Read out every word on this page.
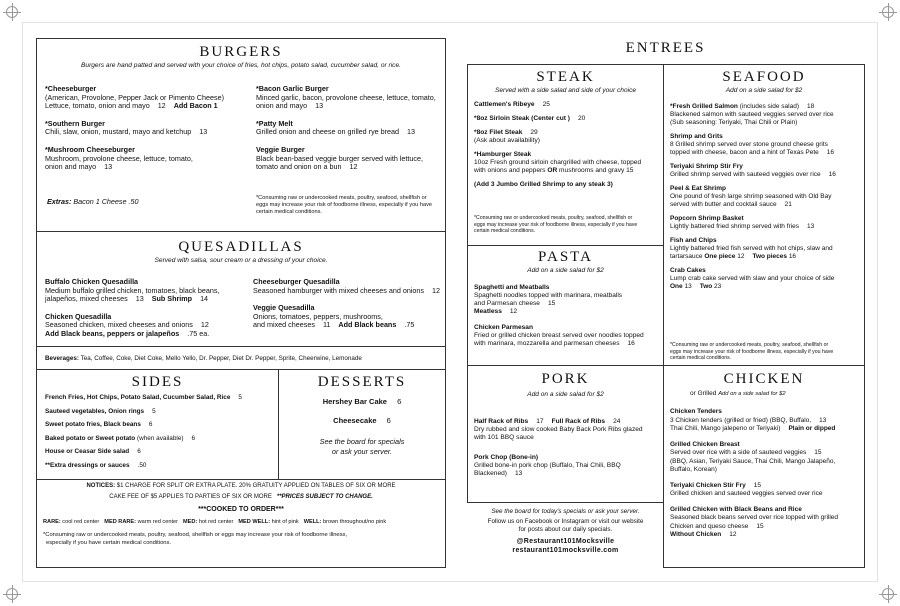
BURGERS
Burgers are hand patted and served with your choice of fries, hot chips, potato salad, cucumber salad, or rice.
*Cheeseburger
(American, Provolone, Pepper Jack or Pimento Cheese)
Lettuce, tomato, onion and mayo 12 Add Bacon 1
*Southern Burger
Chili, slaw, onion, mustard, mayo and ketchup 13
*Mushroom Cheeseburger
Mushroom, provolone cheese, lettuce, tomato,
onion and mayo 13
*Bacon Garlic Burger
Minced garlic, bacon, provolone cheese, lettuce, tomato,
onion and mayo 13
*Patty Melt
Grilled onion and cheese on grilled rye bread 13
Veggie Burger
Black bean-based veggie burger served with lettuce,
tomato and onion on a bun 12
Extras: Bacon 1 Cheese .50	*Consuming raw or undercooked meats, poultry, seafood, shellfish or
eggs may increase your risk of foodborne illness, especially if you have
certain medical conditions.
QUESADILLAS
Served with salsa, sour cream or a dressing of your choice.
Buffalo Chicken Quesadilla
Medium buffalo grilled chicken, tomatoes, black beans,
jalapeños, mixed cheeses 13 Sub Shrimp 14
Chicken Quesadilla
Seasoned chicken, mixed cheeses and onions 12
Add Black beans, peppers or jalapeños .75 ea.
Cheeseburger Quesadilla
Seasoned hamburger with mixed cheeses and onions 12
Veggie Quesadilla
Onions, tomatoes, peppers, mushrooms,
and mixed cheeses 11 Add Black beans .75
Beverages: Tea, Coffee, Coke, Diet Coke, Mello Yello, Dr. Pepper, Diet Dr. Pepper, Sprite, Cheerwine, Lemonade
SIDES
French Fries, Hot Chips, Potato Salad, Cucumber Salad, Rice 5
Sauteed vegetables, Onion rings 5
Sweet potato fries, Black beans 6
Baked potato or Sweet potato (when available) 6
House or Ceasar Side salad 6
**Extra dressings or sauces .50
DESSERTS
Hershey Bar Cake 6
Cheesecake 6
See the board for specials
or ask your server.
NOTICES: $1 CHARGE FOR SPLIT OR EXTRA PLATE. 20% GRATUITY APPLIED ON TABLES OF SIX OR MORE
CAKE FEE OF $5 APPLIES TO PARTIES OF SIX OR MORE **PRICES SUBJECT TO CHANGE.
***COOKED TO ORDER***
RARE: cool red center MED RARE: warm red center MED: hot red center MED WELL: hint of pink WELL: brown throughout/no pink
*Consuming raw or undercooked meats, poultry, seafood, shellfish or eggs may increase your risk of foodborne illness,
especially if you have certain medical conditions.
ENTREES
STEAK
Served with a side salad and side of your choice
Cattlemen's Ribeye 25
*8oz Sirloin Steak (Center cut ) 20
*8oz Filet Steak 29
(Ask about availability)
*Hamburger Steak
10oz Fresh ground sirloin chargrilled with cheese, topped
with onions and peppers OR mushrooms and gravy 15
(Add 3 Jumbo Grilled Shrimp to any steak 3)
*Consuming raw or undercooked meats, poultry, seafood, shellfish or
eggs may increase your risk of foodborne illness, especially if you have
certain medical conditions.
PASTA
Add on a side salad for $2
Spaghetti and Meatballs
Spaghetti noodles topped with marinara, meatballs
and Parmesan cheese 15
Meatless 12
Chicken Parmesan
Fried or grilled chicken breast served over noodles topped
with marinara, mozzarella and parmesan cheeses 16
PORK
Add on a side salad for $2
Half Rack of Ribs 17 Full Rack of Ribs 24
Dry rubbed and slow cooked Baby Back Pork Ribs glazed
with 101 BBQ sauce
Pork Chop (Bone-in)
Grilled bone-in pork chop (Buffalo, Thai Chili, BBQ
Blackened) 13
See the board for today's specials or ask your server.
Follow us on Facebook or Instagram or visit our website
for posts about our daily specials.
@Restaurant101Mocksville
restaurant101mocksville.com
SEAFOOD
Add on a side salad for $2
*Fresh Grilled Salmon (includes side salad) 18
Blackened salmon with sauteed veggies served over rice
(Sub seasoning: Teriyaki, Thai Chili or Plain)
Shrimp and Grits
8 Grilled shrimp served over stone ground cheese grits
topped with cheese, bacon and a hint of Texas Pete 16
Teriyaki Shrimp Stir Fry
Grilled shrimp served with sauteed veggies over rice 16
Peel & Eat Shrimp
One pound of fresh large shrimp seasoned with Old Bay
served with butter and cocktail sauce 21
Popcorn Shrimp Basket
Lightly battered fried shrimp served with fries 13
Fish and Chips
Lightly battered fried fish served with hot chips, slaw and
tartarsauce One piece 12 Two pieces 16
Crab Cakes
Lump crab cake served with slaw and your choice of side
One 13 Two 23
*Consuming raw or undercooked meats, poultry, seafood, shellfish or
eggs may increase your risk of foodborne illness, especially if you have
certain medical conditions.
CHICKEN
or Grilled Add on a side salad for $2
Chicken Tenders
3 Chicken tenders (grilled or fried) (BBQ, Buffalo, 13
Thai Chili, Mango jalepeno or Teriyaki) Plain or dipped
Grilled Chicken Breast
Served over rice with a side of sauteed veggies 15
(BBQ, Asian, Teriyaki Sauce, Thai Chili, Mango Jalapeño,
Buffalo, Korean)
Teriyaki Chicken Stir Fry 15
Grilled chicken and sauteed veggies served over rice
Grilled Chicken with Black Beans and Rice
Seasoned black beans served over rice topped with grilled
Chicken and queso cheese 15
Without Chicken 12
